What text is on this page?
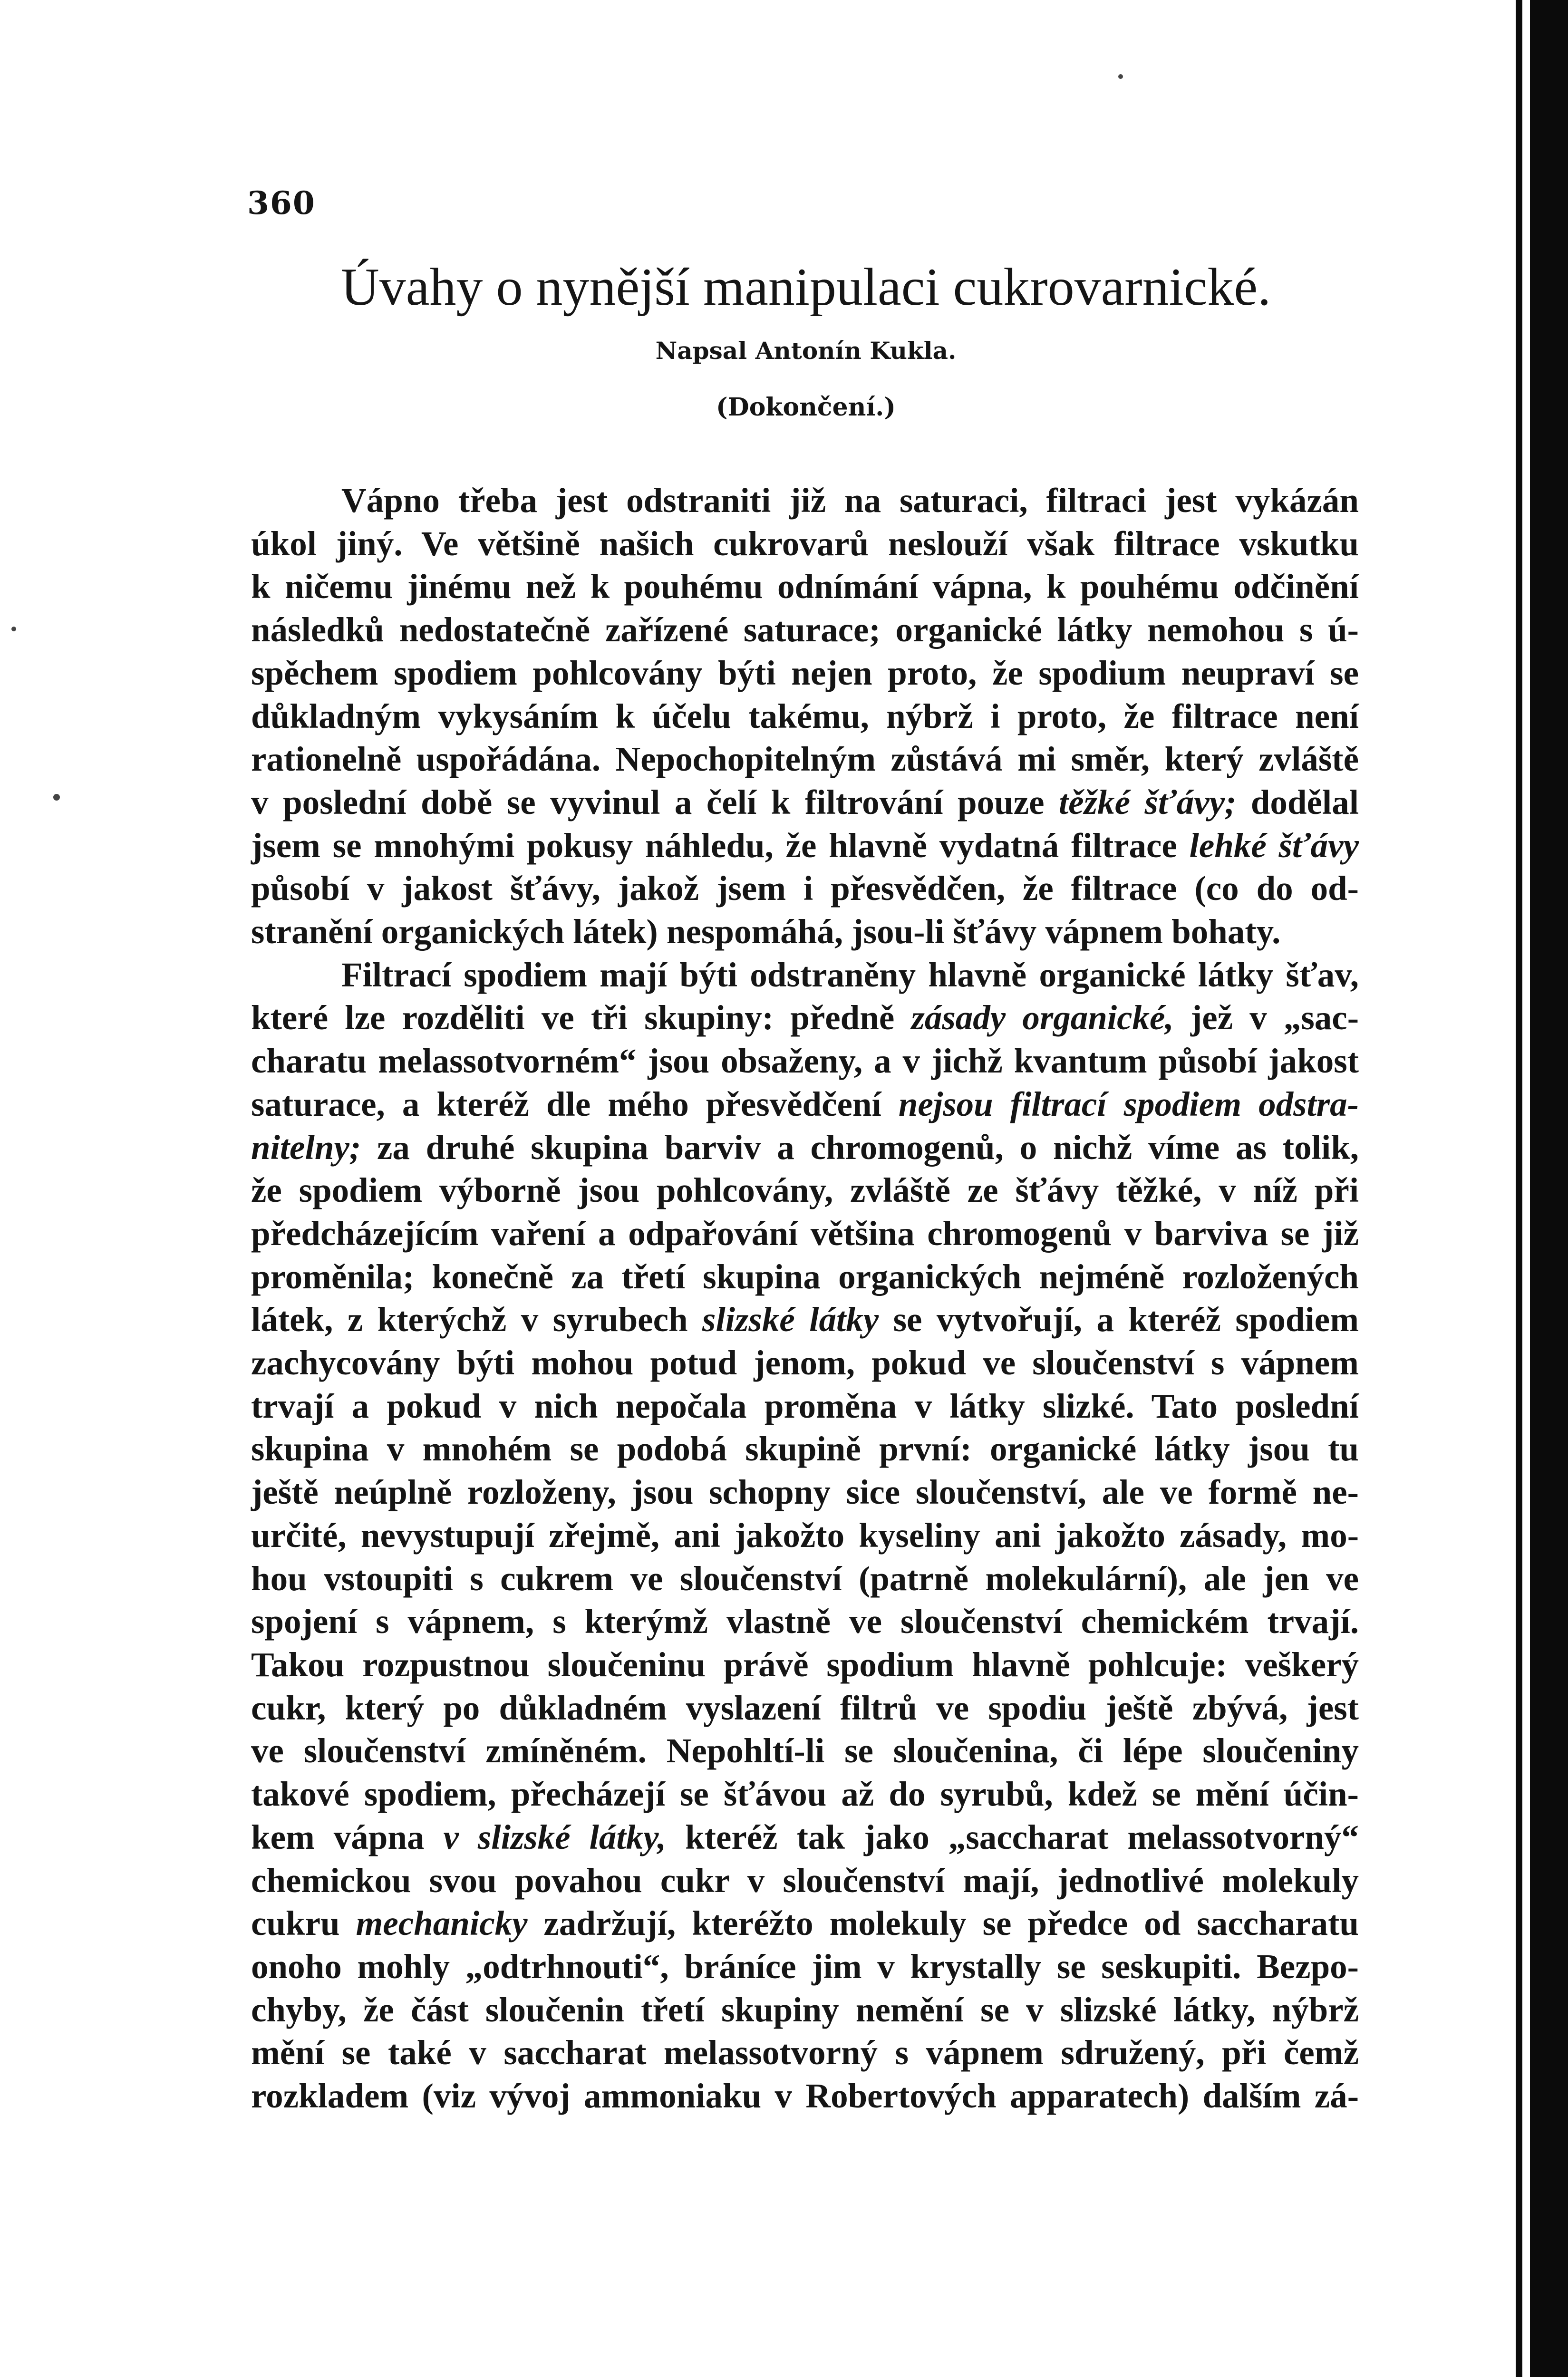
360
Úvahy o nynější manipulaci cukrovarnické.
Napsal Antonín Kukla.
(Dokončení.)
Vápno třeba jest odstraniti již na saturaci, filtraci jest vykázán
úkol jiný. Ve většině našich cukrovarů neslouží však filtrace vskutku
k ničemu jinému než k pouhému odnímání vápna, k pouhému odčinění
následků nedostatečně zařízené saturace; organické látky nemohou s ú-
spěchem spodiem pohlcovány býti nejen proto, že spodium neupraví se
důkladným vykysáním k účelu takému, nýbrž i proto, že filtrace není
rationelně uspořádána. Nepochopitelným zůstává mi směr, který zvláště
v poslední době se vyvinul a čelí k filtrování pouze těžké šťávy; dodělal
jsem se mnohými pokusy náhledu, že hlavně vydatná filtrace lehké šťávy
působí v jakost šťávy, jakož jsem i přesvědčen, že filtrace (co do od-
stranění organických látek) nespomáhá, jsou-li šťávy vápnem bohaty.
Filtrací spodiem mají býti odstraněny hlavně organické látky šťav,
které lze rozděliti ve tři skupiny: předně zásady organické, jež v „sac-
charatu melassotvorném“ jsou obsaženy, a v jichž kvantum působí jakost
saturace, a kteréž dle mého přesvědčení nejsou filtrací spodiem odstra-
nitelny; za druhé skupina barviv a chromogenů, o nichž víme as tolik,
že spodiem výborně jsou pohlcovány, zvláště ze šťávy těžké, v níž při
předcházejícím vaření a odpařování většina chromogenů v barviva se již
proměnila; konečně za třetí skupina organických nejméně rozložených
látek, z kterýchž v syrubech slizské látky se vytvořují, a kteréž spodiem
zachycovány býti mohou potud jenom, pokud ve sloučenství s vápnem
trvají a pokud v nich nepočala proměna v látky slizké. Tato poslední
skupina v mnohém se podobá skupině první: organické látky jsou tu
ještě neúplně rozloženy, jsou schopny sice sloučenství, ale ve formě ne-
určité, nevystupují zřejmě, ani jakožto kyseliny ani jakožto zásady, mo-
hou vstoupiti s cukrem ve sloučenství (patrně molekulární), ale jen ve
spojení s vápnem, s kterýmž vlastně ve sloučenství chemickém trvají.
Takou rozpustnou sloučeninu právě spodium hlavně pohlcuje: veškerý
cukr, který po důkladném vyslazení filtrů ve spodiu ještě zbývá, jest
ve sloučenství zmíněném. Nepohltí-li se sloučenina, či lépe sloučeniny
takové spodiem, přecházejí se šťávou až do syrubů, kdež se mění účin-
kem vápna v slizské látky, kteréž tak jako „saccharat melassotvorný“
chemickou svou povahou cukr v sloučenství mají, jednotlivé molekuly
cukru mechanicky zadržují, kteréžto molekuly se předce od saccharatu
onoho mohly „odtrhnouti“, bráníce jim v krystally se seskupiti. Bezpo-
chyby, že část sloučenin třetí skupiny nemění se v slizské látky, nýbrž
mění se také v saccharat melassotvorný s vápnem sdružený, při čemž
rozkladem (viz vývoj ammoniaku v Robertových apparatech) dalším zá-
